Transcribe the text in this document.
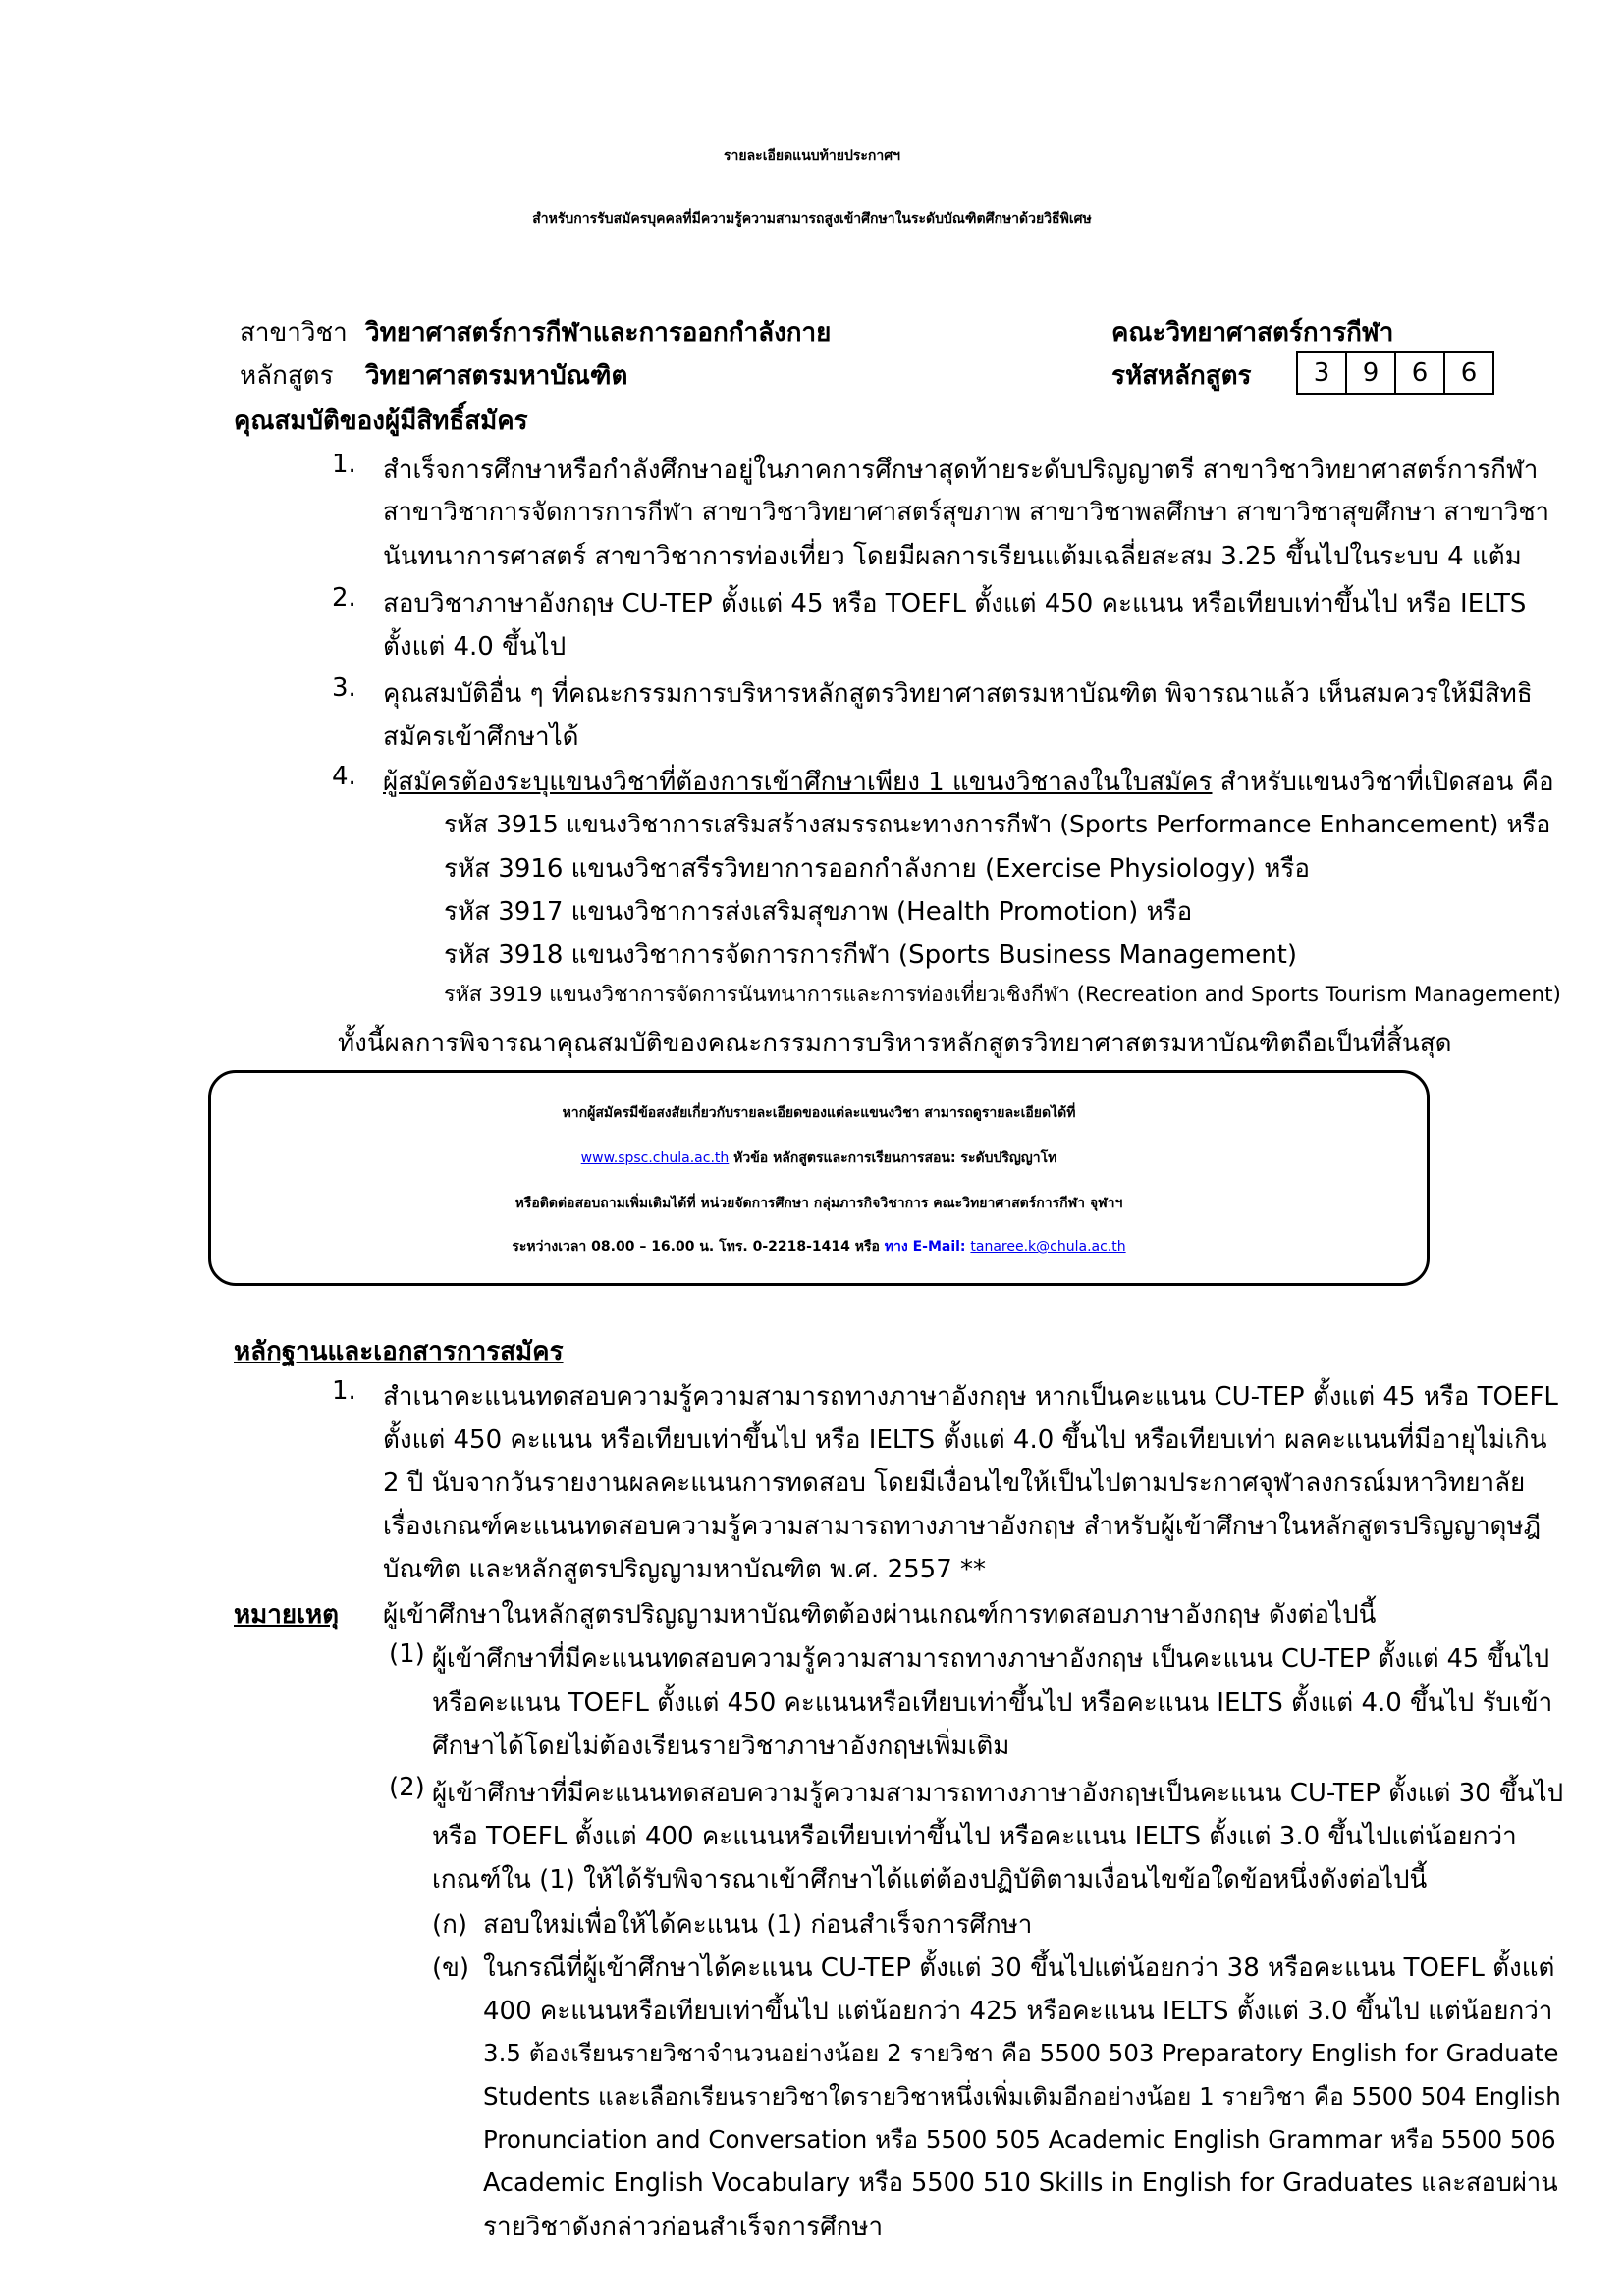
รายละเอียดแนบท้ายประกาศฯ
สำหรับการรับสมัครบุคคลที่มีความรู้ความสามารถสูงเข้าศึกษาในระดับบัณฑิตศึกษาด้วยวิธีพิเศษ
สาขาวิชา วิทยาศาสตร์การกีฬาและการออกกำลังกาย	คณะวิทยาศาสตร์การกีฬา
หลักสูตร วิทยาศาสตรมหาบัณฑิต	รหัสหลักสูตร	3	9	6	6
คุณสมบัติของผู้มีสิทธิ์สมัคร
1. สำเร็จการศึกษาหรือกำลังศึกษาอยู่ในภาคการศึกษาสุดท้ายระดับปริญญาตรี สาขาวิชาวิทยาศาสตร์การกีฬา
สาขาวิชาการจัดการการกีฬา สาขาวิชาวิทยาศาสตร์สุขภาพ สาขาวิชาพลศึกษา สาขาวิชาสุขศึกษา สาขาวิชา
นันทนาการศาสตร์ สาขาวิชาการท่องเที่ยว โดยมีผลการเรียนแต้มเฉลี่ยสะสม 3.25 ขึ้นไปในระบบ 4 แต้ม
2. สอบวิชาภาษาอังกฤษ CU-TEP ตั้งแต่ 45 หรือ TOEFL ตั้งแต่ 450 คะแนน หรือเทียบเท่าขึ้นไป หรือ IELTS
ตั้งแต่ 4.0 ขึ้นไป
3. คุณสมบัติอื่น ๆ ที่คณะกรรมการบริหารหลักสูตรวิทยาศาสตรมหาบัณฑิต พิจารณาแล้ว เห็นสมควรให้มีสิทธิ
สมัครเข้าศึกษาได้
4. ผู้สมัครต้องระบุแขนงวิชาที่ต้องการเข้าศึกษาเพียง 1 แขนงวิชาลงในใบสมัคร สำหรับแขนงวิชาที่เปิดสอน คือ
รหัส 3915 แขนงวิชาการเสริมสร้างสมรรถนะทางการกีฬา (Sports Performance Enhancement) หรือ
รหัส 3916 แขนงวิชาสรีรวิทยาการออกกำลังกาย (Exercise Physiology) หรือ
รหัส 3917 แขนงวิชาการส่งเสริมสุขภาพ (Health Promotion) หรือ
รหัส 3918 แขนงวิชาการจัดการการกีฬา (Sports Business Management)
รหัส 3919 แขนงวิชาการจัดการนันทนาการและการท่องเที่ยวเชิงกีฬา (Recreation and Sports Tourism Management)
ทั้งนี้ผลการพิจารณาคุณสมบัติของคณะกรรมการบริหารหลักสูตรวิทยาศาสตรมหาบัณฑิตถือเป็นที่สิ้นสุด
หากผู้สมัครมีข้อสงสัยเกี่ยวกับรายละเอียดของแต่ละแขนงวิชา สามารถดูรายละเอียดได้ที่
www.spsc.chula.ac.th หัวข้อ หลักสูตรและการเรียนการสอน: ระดับปริญญาโท
หรือติดต่อสอบถามเพิ่มเติมได้ที่ หน่วยจัดการศึกษา กลุ่มภารกิจวิชาการ คณะวิทยาศาสตร์การกีฬา จุฬาฯ
ระหว่างเวลา 08.00 – 16.00 น. โทร. 0-2218-1414 หรือ ทาง E-Mail: tanaree.k@chula.ac.th
หลักฐานและเอกสารการสมัคร
1. สำเนาคะแนนทดสอบความรู้ความสามารถทางภาษาอังกฤษ หากเป็นคะแนน CU-TEP ตั้งแต่ 45 หรือ TOEFL
ตั้งแต่ 450 คะแนน หรือเทียบเท่าขึ้นไป หรือ IELTS ตั้งแต่ 4.0 ขึ้นไป หรือเทียบเท่า ผลคะแนนที่มีอายุไม่เกิน
2 ปี นับจากวันรายงานผลคะแนนการทดสอบ โดยมีเงื่อนไขให้เป็นไปตามประกาศจุฬาลงกรณ์มหาวิทยาลัย
เรื่องเกณฑ์คะแนนทดสอบความรู้ความสามารถทางภาษาอังกฤษ สำหรับผู้เข้าศึกษาในหลักสูตรปริญญาดุษฎี
บัณฑิต และหลักสูตรปริญญามหาบัณฑิต พ.ศ. 2557 **
หมายเหตุ ผู้เข้าศึกษาในหลักสูตรปริญญามหาบัณฑิตต้องผ่านเกณฑ์การทดสอบภาษาอังกฤษ ดังต่อไปนี้
(1) ผู้เข้าศึกษาที่มีคะแนนทดสอบความรู้ความสามารถทางภาษาอังกฤษ เป็นคะแนน CU-TEP ตั้งแต่ 45 ขึ้นไป
หรือคะแนน TOEFL ตั้งแต่ 450 คะแนนหรือเทียบเท่าขึ้นไป หรือคะแนน IELTS ตั้งแต่ 4.0 ขึ้นไป รับเข้า
ศึกษาได้โดยไม่ต้องเรียนรายวิชาภาษาอังกฤษเพิ่มเติม
(2) ผู้เข้าศึกษาที่มีคะแนนทดสอบความรู้ความสามารถทางภาษาอังกฤษเป็นคะแนน CU-TEP ตั้งแต่ 30 ขึ้นไป
หรือ TOEFL ตั้งแต่ 400 คะแนนหรือเทียบเท่าขึ้นไป หรือคะแนน IELTS ตั้งแต่ 3.0 ขึ้นไปแต่น้อยกว่า
เกณฑ์ใน (1) ให้ได้รับพิจารณาเข้าศึกษาได้แต่ต้องปฏิบัติตามเงื่อนไขข้อใดข้อหนึ่งดังต่อไปนี้
(ก) สอบใหม่เพื่อให้ได้คะแนน (1) ก่อนสำเร็จการศึกษา
(ข) ในกรณีที่ผู้เข้าศึกษาได้คะแนน CU-TEP ตั้งแต่ 30 ขึ้นไปแต่น้อยกว่า 38 หรือคะแนน TOEFL ตั้งแต่
400 คะแนนหรือเทียบเท่าขึ้นไป แต่น้อยกว่า 425 หรือคะแนน IELTS ตั้งแต่ 3.0 ขึ้นไป แต่น้อยกว่า
3.5 ต้องเรียนรายวิชาจำนวนอย่างน้อย 2 รายวิชา คือ 5500 503 Preparatory English for Graduate
Students และเลือกเรียนรายวิชาใดรายวิชาหนึ่งเพิ่มเติมอีกอย่างน้อย 1 รายวิชา คือ 5500 504 English
Pronunciation and Conversation หรือ 5500 505 Academic English Grammar หรือ 5500 506
Academic English Vocabulary หรือ 5500 510 Skills in English for Graduates และสอบผ่าน
รายวิชาดังกล่าวก่อนสำเร็จการศึกษา
